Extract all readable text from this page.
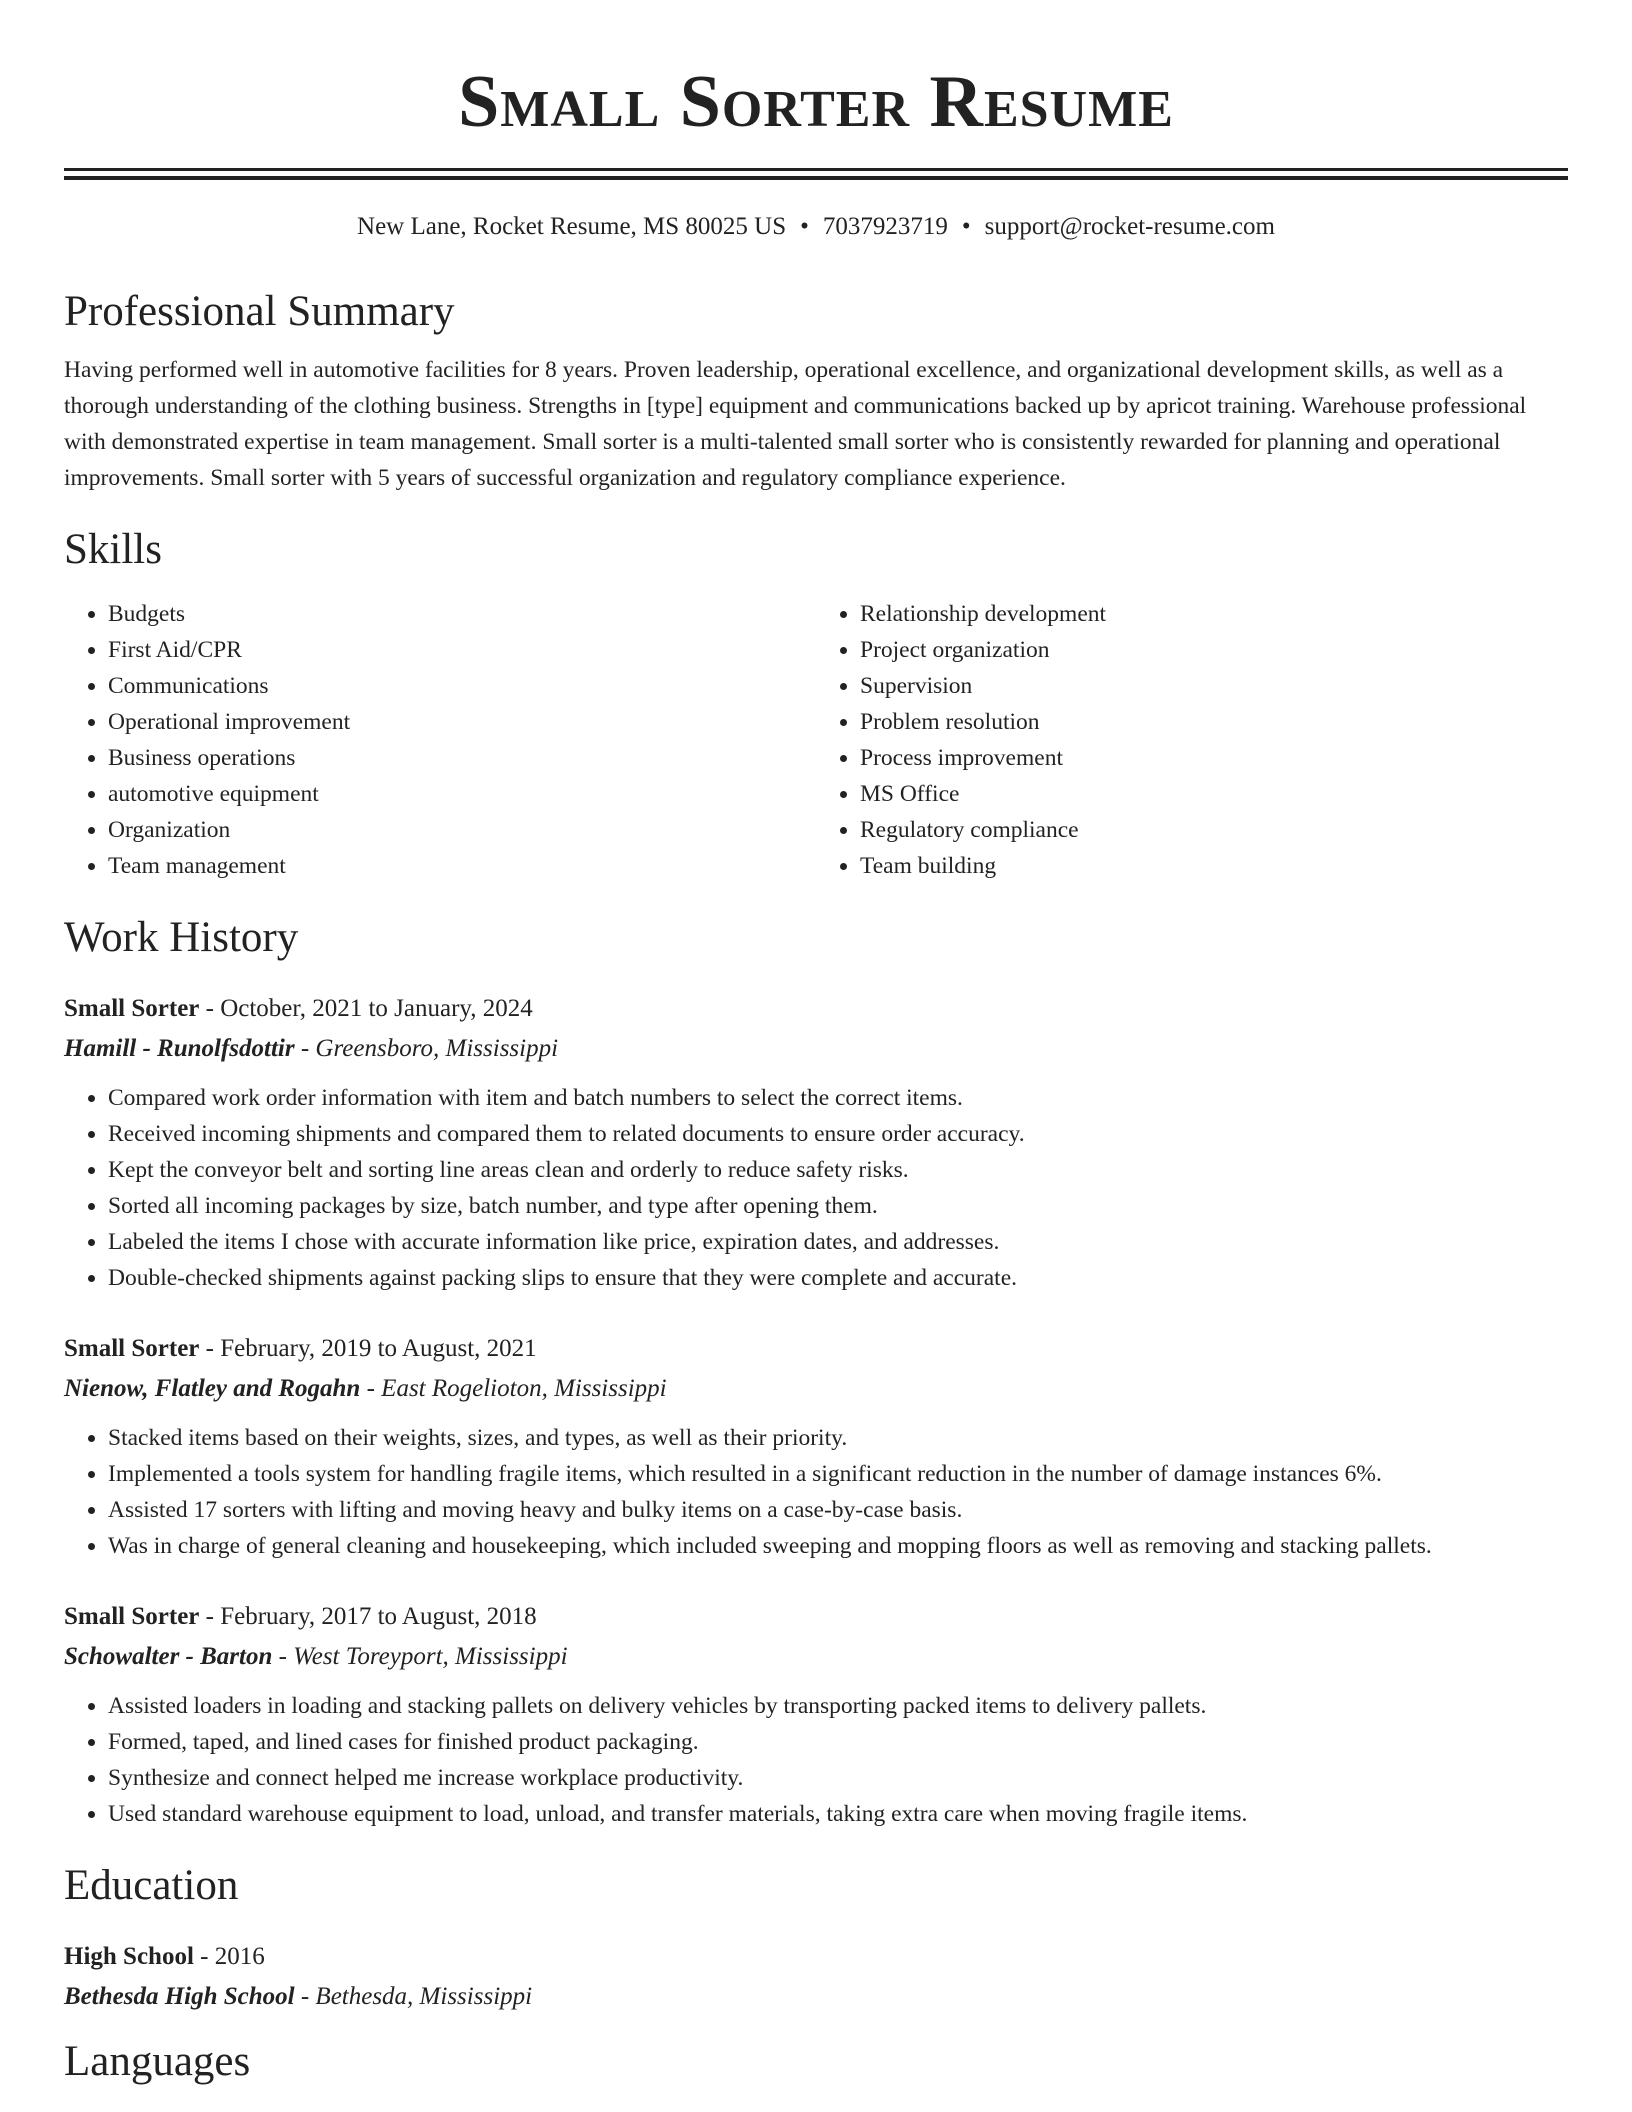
Small Sorter Resume
New Lane, Rocket Resume, MS 80025 US • 7037923719 • support@rocket-resume.com
Professional Summary
Having performed well in automotive facilities for 8 years. Proven leadership, operational excellence, and organizational development skills, as well as a thorough understanding of the clothing business. Strengths in [type] equipment and communications backed up by apricot training. Warehouse professional with demonstrated expertise in team management. Small sorter is a multi-talented small sorter who is consistently rewarded for planning and operational improvements. Small sorter with 5 years of successful organization and regulatory compliance experience.
Skills
• Budgets
• First Aid/CPR
• Communications
• Operational improvement
• Business operations
• automotive equipment
• Organization
• Team management
• Relationship development
• Project organization
• Supervision
• Problem resolution
• Process improvement
• MS Office
• Regulatory compliance
• Team building
Work History
Small Sorter - October, 2021 to January, 2024
Hamill - Runolfsdottir - Greensboro, Mississippi
• Compared work order information with item and batch numbers to select the correct items.
• Received incoming shipments and compared them to related documents to ensure order accuracy.
• Kept the conveyor belt and sorting line areas clean and orderly to reduce safety risks.
• Sorted all incoming packages by size, batch number, and type after opening them.
• Labeled the items I chose with accurate information like price, expiration dates, and addresses.
• Double-checked shipments against packing slips to ensure that they were complete and accurate.
Small Sorter - February, 2019 to August, 2021
Nienow, Flatley and Rogahn - East Rogelioton, Mississippi
• Stacked items based on their weights, sizes, and types, as well as their priority.
• Implemented a tools system for handling fragile items, which resulted in a significant reduction in the number of damage instances 6%.
• Assisted 17 sorters with lifting and moving heavy and bulky items on a case-by-case basis.
• Was in charge of general cleaning and housekeeping, which included sweeping and mopping floors as well as removing and stacking pallets.
Small Sorter - February, 2017 to August, 2018
Schowalter - Barton - West Toreyport, Mississippi
• Assisted loaders in loading and stacking pallets on delivery vehicles by transporting packed items to delivery pallets.
• Formed, taped, and lined cases for finished product packaging.
• Synthesize and connect helped me increase workplace productivity.
• Used standard warehouse equipment to load, unload, and transfer materials, taking extra care when moving fragile items.
Education
High School - 2016
Bethesda High School - Bethesda, Mississippi
Languages
